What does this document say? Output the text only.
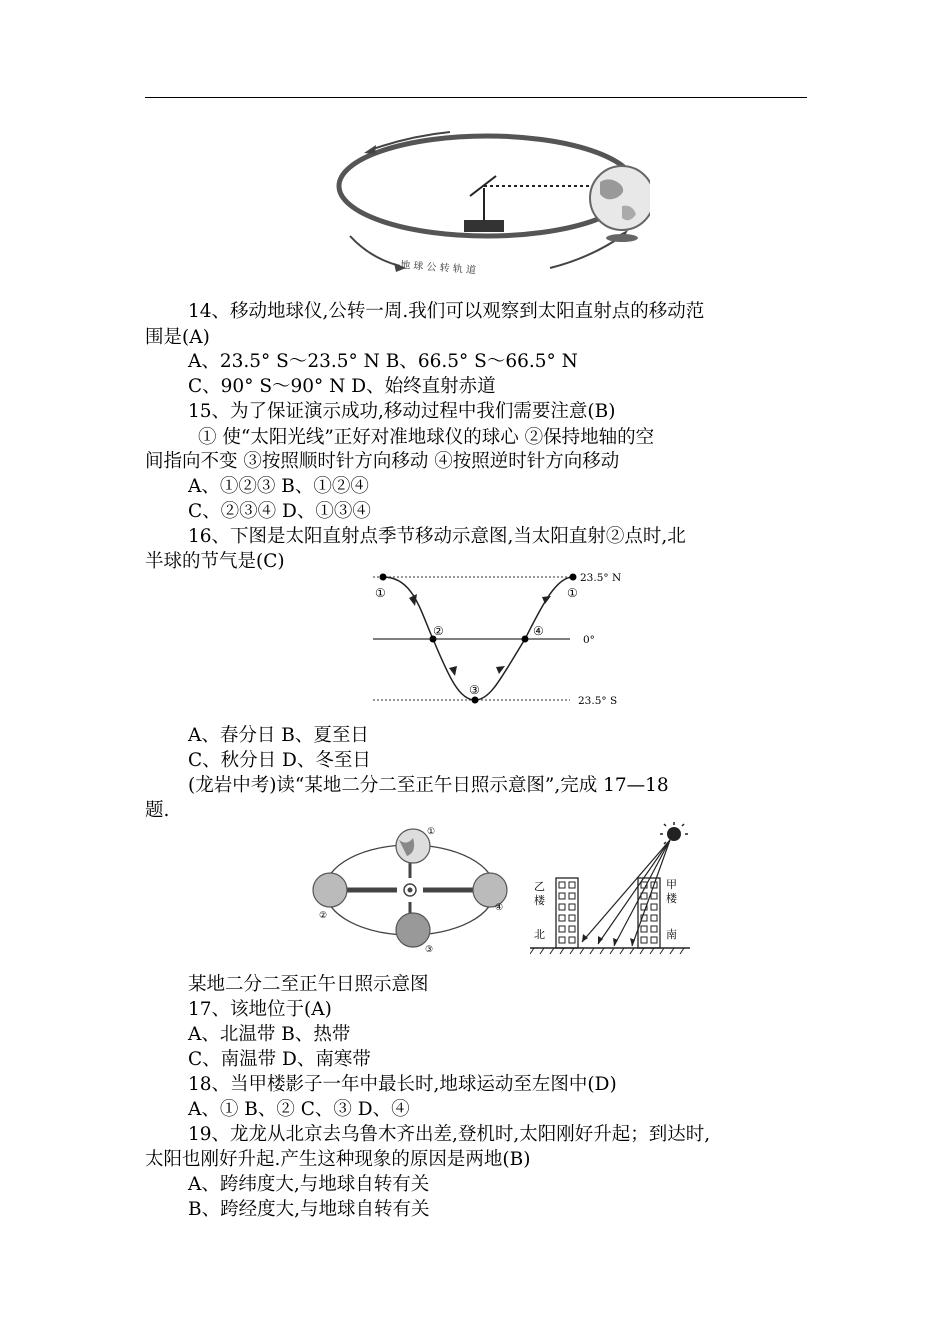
地 球 公 转 轨 道
14、移动地球仪,公转一周.我们可以观察到太阳直射点的移动范
围是(A)
A、23.5° S～23.5° N B、66.5° S～66.5° N
C、90° S～90° N D、始终直射赤道
15、为了保证演示成功,移动过程中我们需要注意(B)
① 使“太阳光线”正好对准地球仪的球心 ②保持地轴的空
间指向不变 ③按照顺时针方向移动 ④按照逆时针方向移动
A、①②③ B、①②④
C、②③④ D、①③④
16、下图是太阳直射点季节移动示意图,当太阳直射②点时,北
半球的节气是(C)
A、春分日 B、夏至日
C、秋分日 D、冬至日
(龙岩中考)读“某地二分二至正午日照示意图”,完成 17—18
题.
某地二分二至正午日照示意图
17、该地位于(A)
A、北温带 B、热带
C、南温带 D、南寒带
18、当甲楼影子一年中最长时,地球运动至左图中(D)
A、① B、② C、③ D、④
19、龙龙从北京去乌鲁木齐出差,登机时,太阳刚好升起；到达时,
太阳也刚好升起.产生这种现象的原因是两地(B)
A、跨纬度大,与地球自转有关
B、跨经度大,与地球自转有关
①
②
③
④
①
23.5° N
0°
23.5° S
①
②
③
④
乙
楼
北
甲
楼
南
